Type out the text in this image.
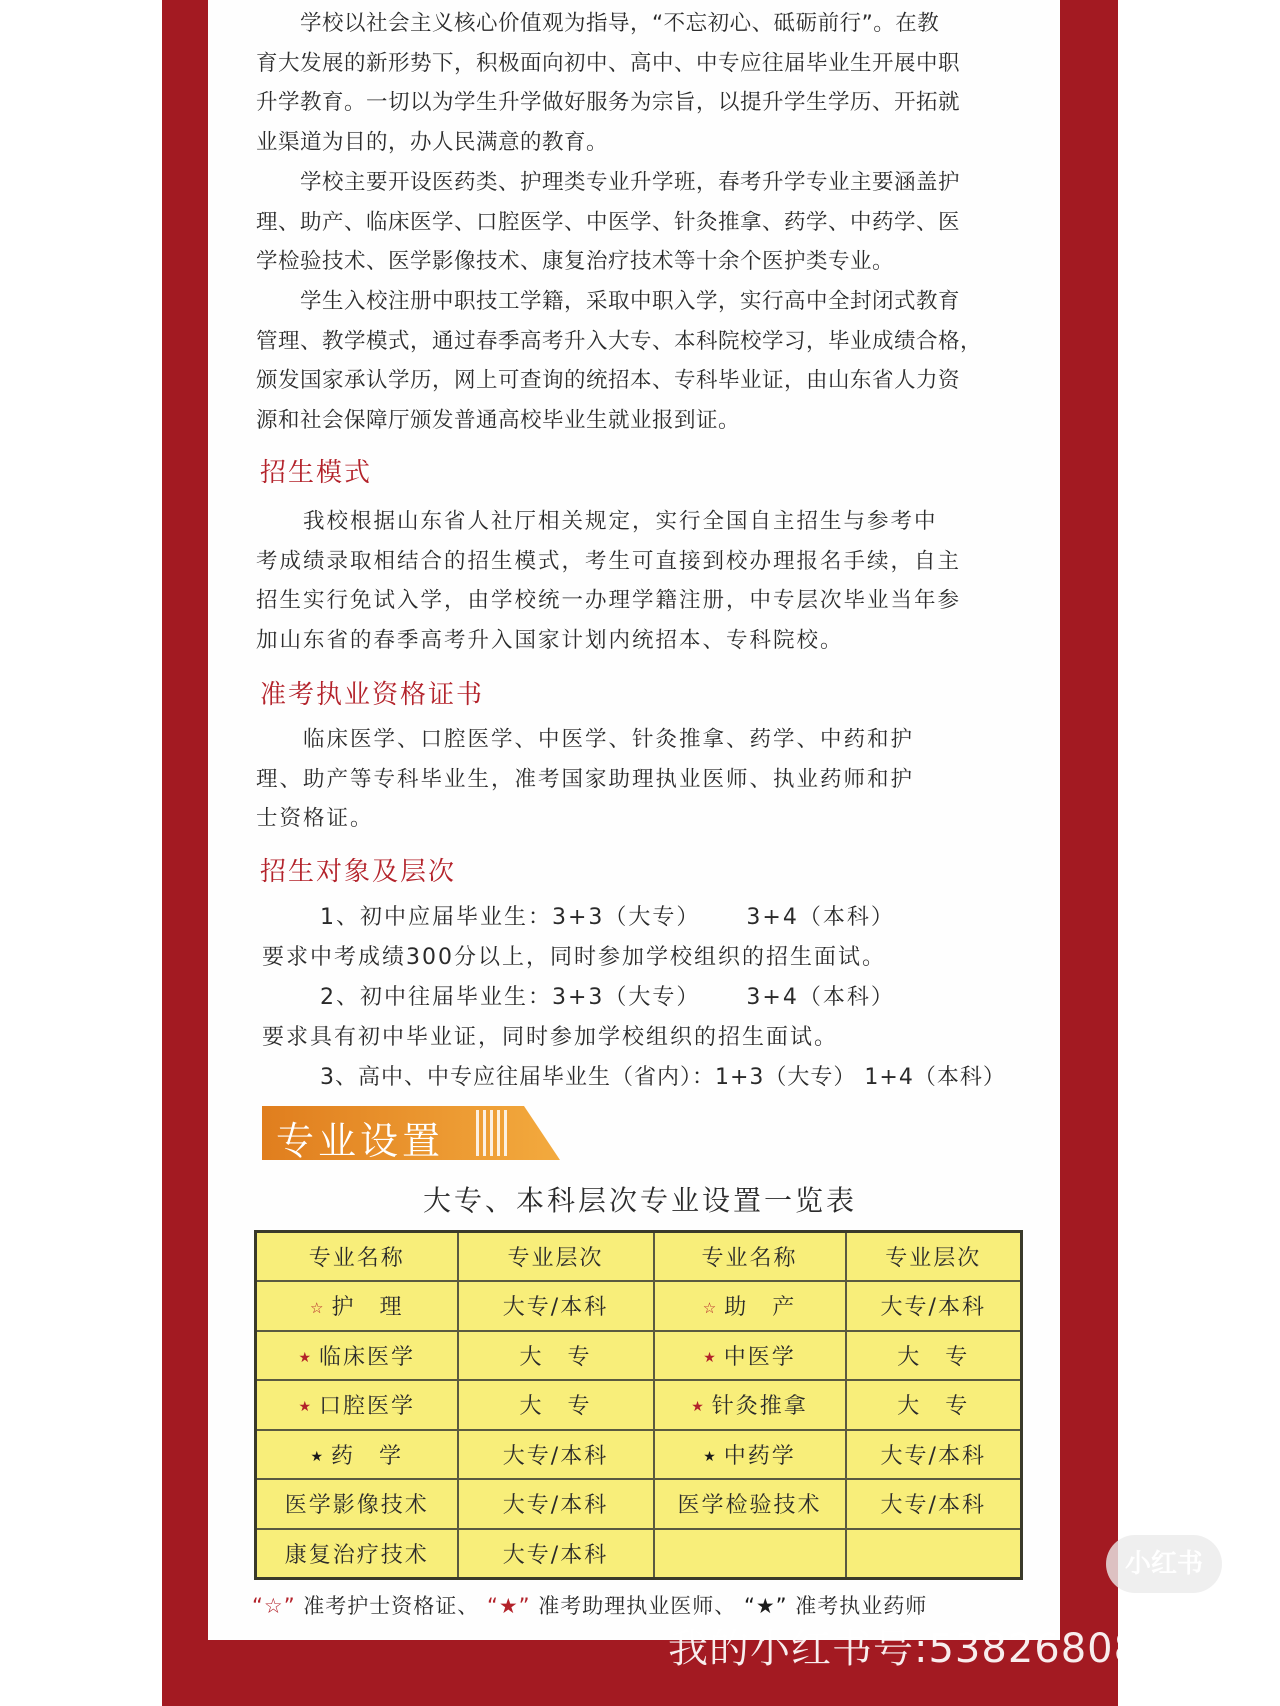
　　学校以社会主义核心价值观为指导，“不忘初心、砥砺前行”。在教
育大发展的新形势下，积极面向初中、高中、中专应往届毕业生开展中职
升学教育。一切以为学生升学做好服务为宗旨，以提升学生学历、开拓就
业渠道为目的，办人民满意的教育。
　　学校主要开设医药类、护理类专业升学班，春考升学专业主要涵盖护
理、助产、临床医学、口腔医学、中医学、针灸推拿、药学、中药学、医
学检验技术、医学影像技术、康复治疗技术等十余个医护类专业。
　　学生入校注册中职技工学籍，采取中职入学，实行高中全封闭式教育
管理、教学模式，通过春季高考升入大专、本科院校学习，毕业成绩合格，
颁发国家承认学历，网上可查询的统招本、专科毕业证，由山东省人力资
源和社会保障厅颁发普通高校毕业生就业报到证。
招生模式
　　我校根据山东省人社厅相关规定，实行全国自主招生与参考中
考成绩录取相结合的招生模式，考生可直接到校办理报名手续，自主
招生实行免试入学，由学校统一办理学籍注册，中专层次毕业当年参
加山东省的春季高考升入国家计划内统招本、专科院校。
准考执业资格证书
　　临床医学、口腔医学、中医学、针灸推拿、药学、中药和护
理、助产等专科毕业生，准考国家助理执业医师、执业药师和护
士资格证。
招生对象及层次
1、初中应届毕业生：3+3（大专）　　 3+4（本科）
要求中考成绩300分以上，同时参加学校组织的招生面试。
2、初中往届毕业生：3+3（大专）　　 3+4（本科）
要求具有初中毕业证，同时参加学校组织的招生面试。
3、高中、中专应往届毕业生（省内）：1+3（大专） 1+4（本科）
专业设置
大专、本科层次专业设置一览表
专业名称	专业层次	专业名称	专业层次
☆ 护　理	大专/本科	☆ 助　产	大专/本科
★ 临床医学	大　专	★ 中医学	大　专
★ 口腔医学	大　专	★ 针灸推拿	大　专
★ 药　学	大专/本科	★ 中药学	大专/本科
医学影像技术	大专/本科	医学检验技术	大专/本科
康复治疗技术	大专/本科		
“☆” 准考护士资格证、 “★” 准考助理执业医师、 “★” 准考执业药师
小红书
我的小红书号:5382680833
